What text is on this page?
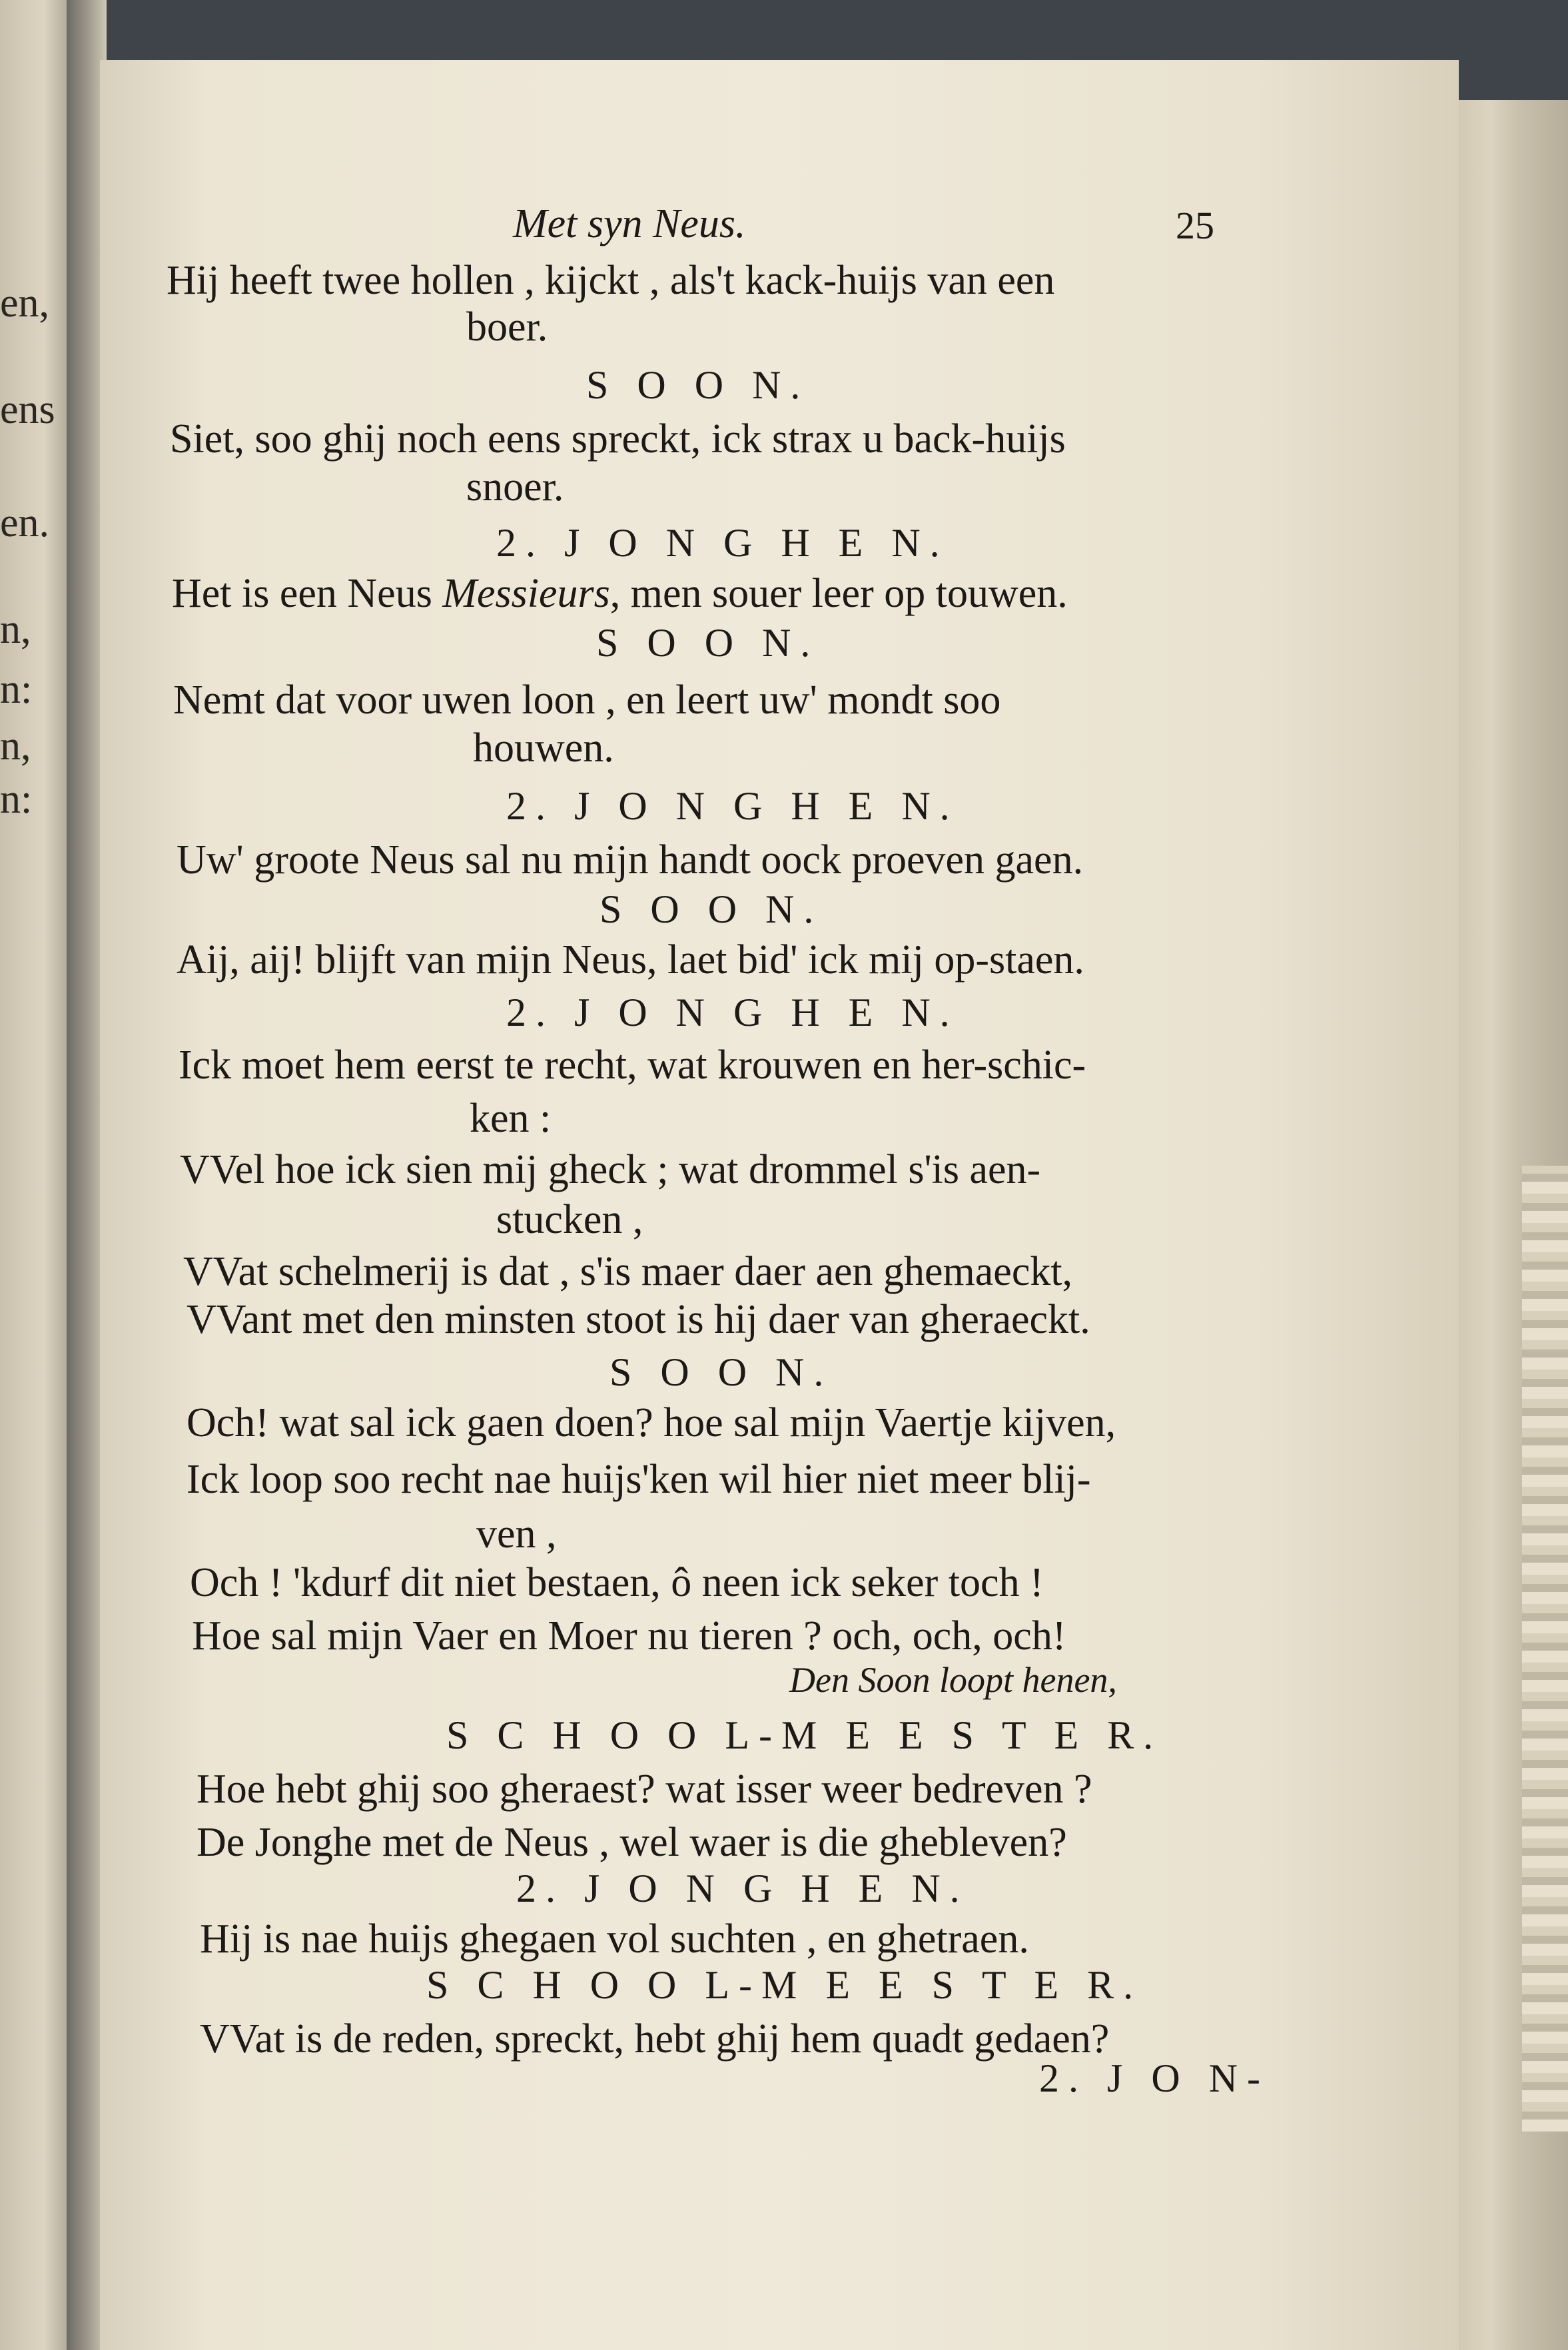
en,
ens
en.
n,
n:
n,
n:
Met syn Neus.	25
Hij heeft twee hollen , kijckt , als't kack-huijs van een
boer.
S O O N.
Siet, soo ghij noch eens spreckt, ick strax u back-huijs
snoer.
2. J O N G H E N.
Het is een Neus Messieurs, men souer leer op touwen.
S O O N.
Nemt dat voor uwen loon , en leert uw' mondt soo
houwen.
2. J O N G H E N.
Uw' groote Neus sal nu mijn handt oock proeven gaen.
S O O N.
Aij, aij! blijft van mijn Neus, laet bid' ick mij op-staen.
2. J O N G H E N.
Ick moet hem eerst te recht, wat krouwen en her-schic-
ken :
VVel hoe ick sien mij gheck ; wat drommel s'is aen-
stucken ,
VVat schelmerij is dat , s'is maer daer aen ghemaeckt,
VVant met den minsten stoot is hij daer van gheraeckt.
S O O N.
Och! wat sal ick gaen doen? hoe sal mijn Vaertje kijven,
Ick loop soo recht nae huijs'ken wil hier niet meer blij-
ven ,
Och ! 'kdurf dit niet bestaen, ô neen ick seker toch !
Hoe sal mijn Vaer en Moer nu tieren ? och, och, och!
Den Soon loopt henen,
S C H O O L-M E E S T E R.
Hoe hebt ghij soo gheraest? wat isser weer bedreven ?
De Jonghe met de Neus , wel waer is die ghebleven?
2. J O N G H E N.
Hij is nae huijs ghegaen vol suchten , en ghetraen.
S C H O O L-M E E S T E R.
VVat is de reden, spreckt, hebt ghij hem quadt gedaen?
2. J O N-
